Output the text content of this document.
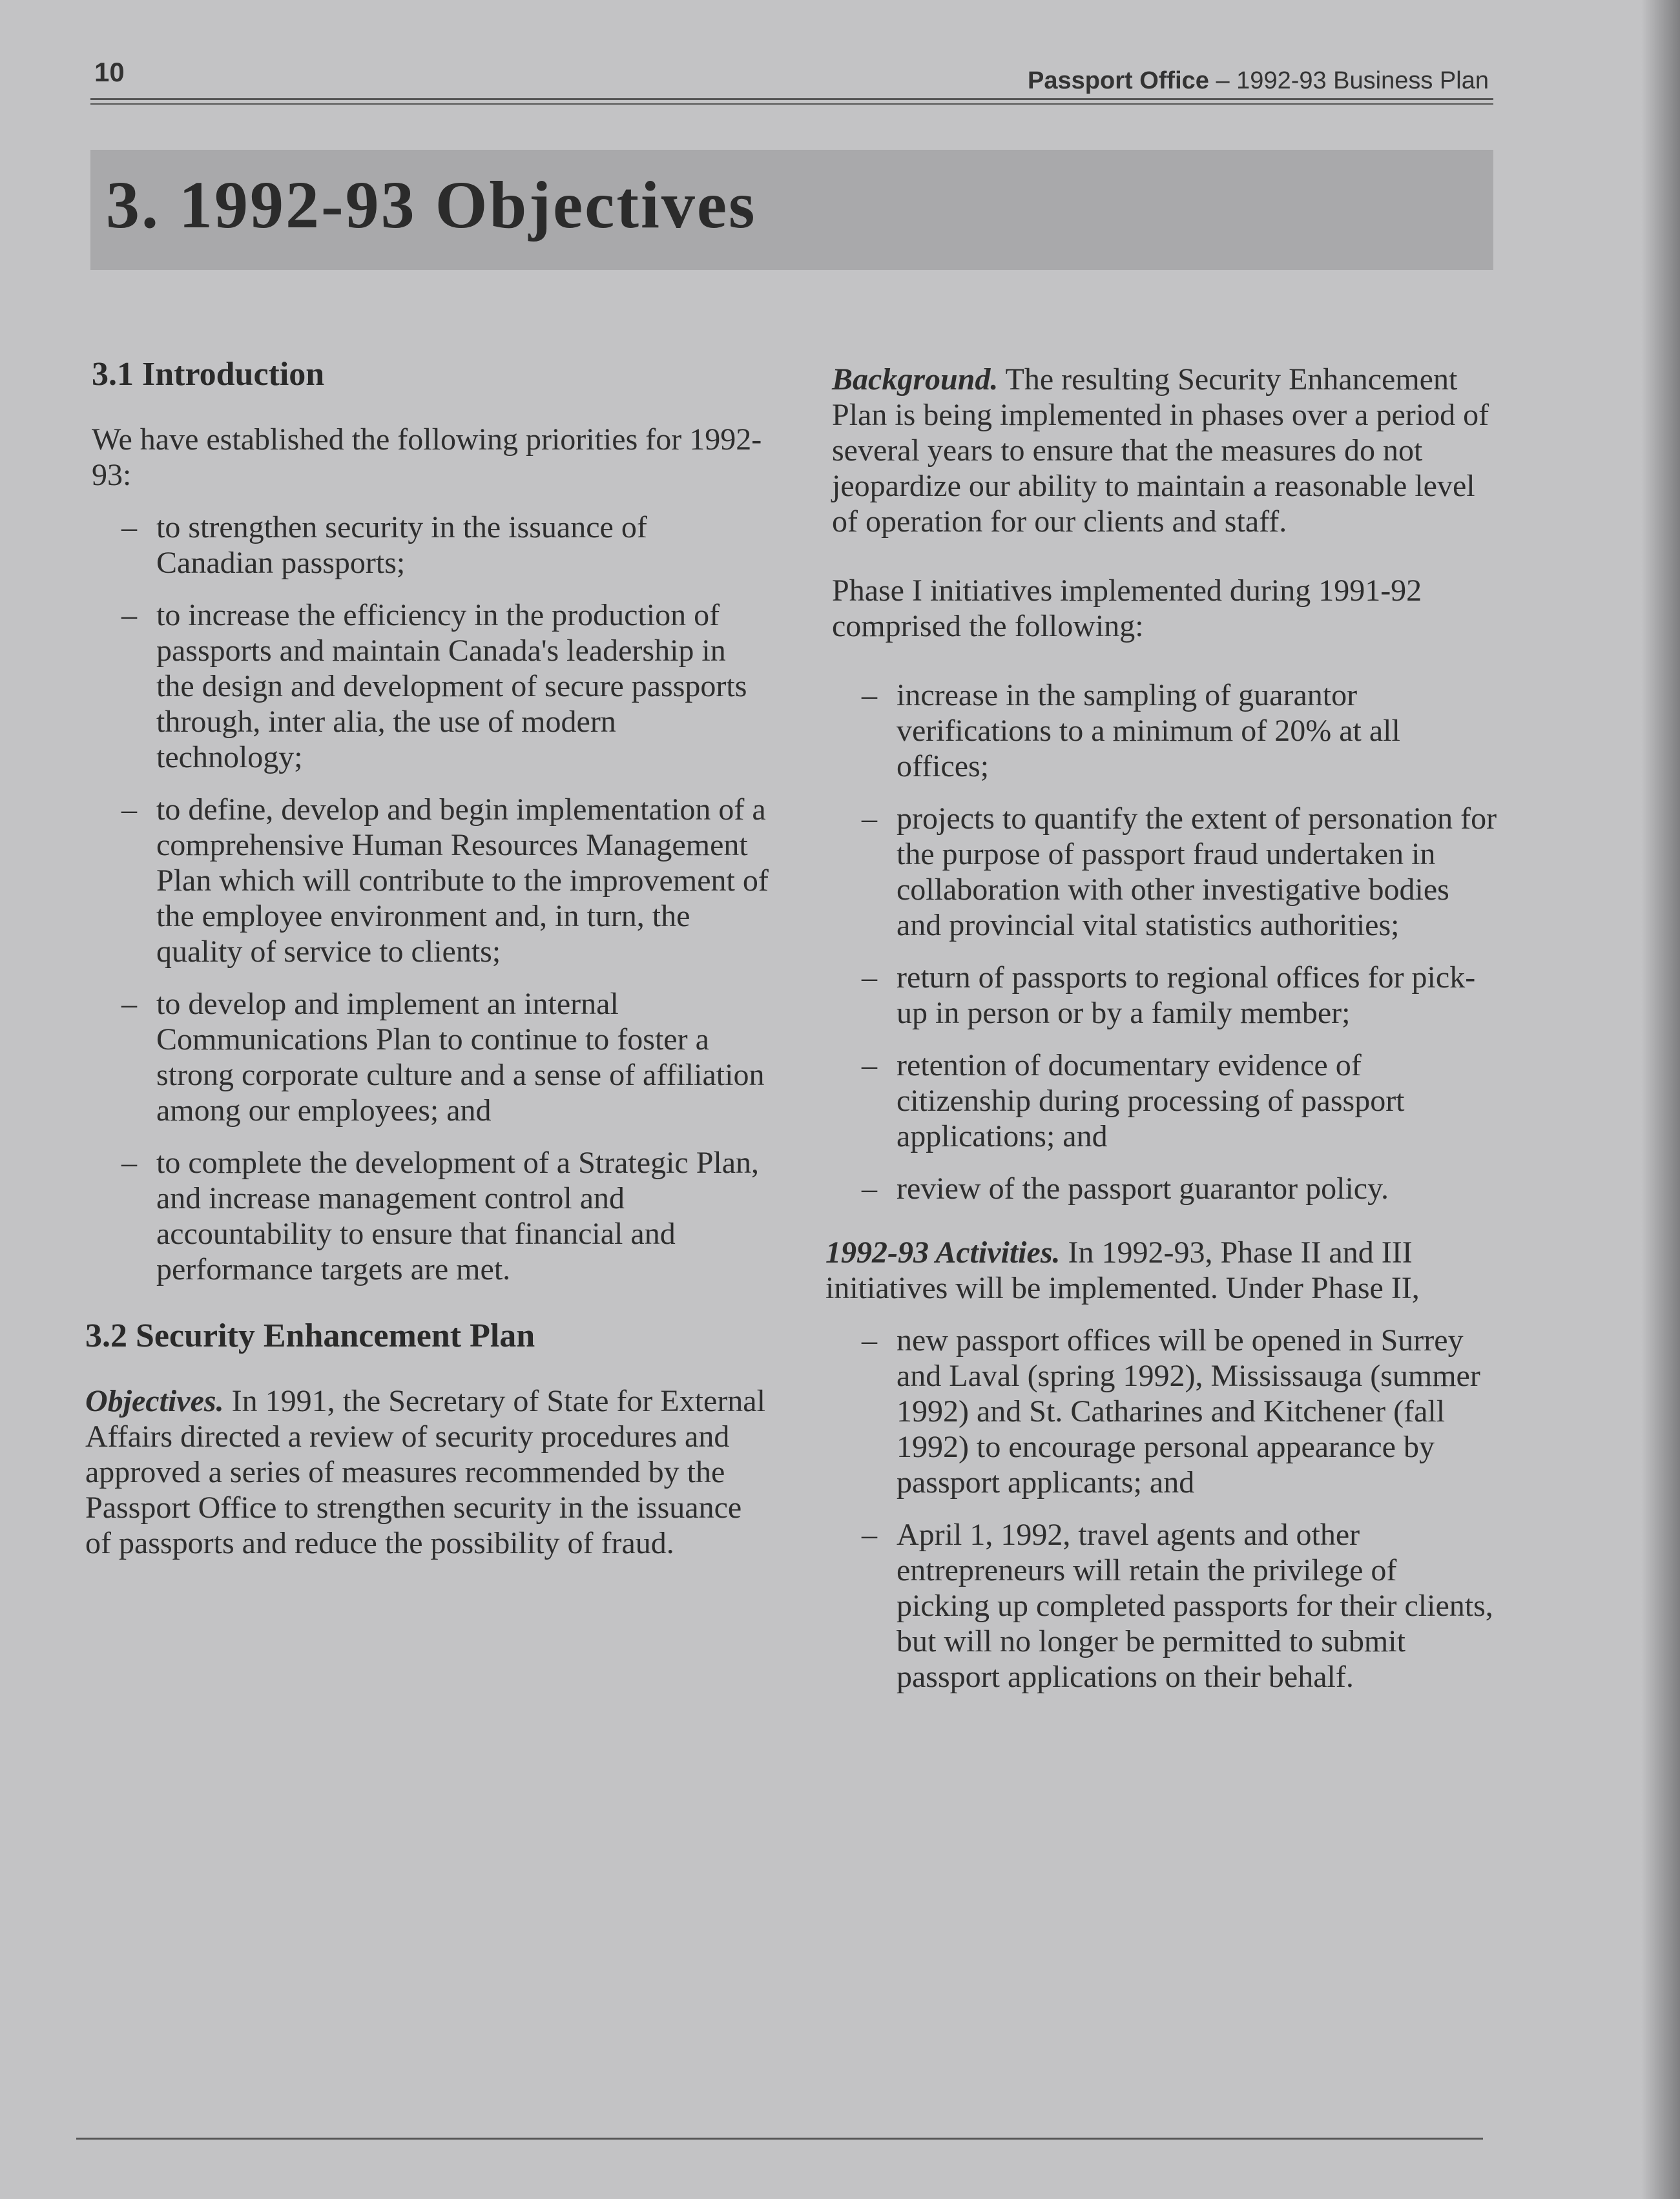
10	Passport Office – 1992-93 Business Plan
3. 1992-93 Objectives
3.1 Introduction

We have established the following priorities for 1992-93:

– to strengthen security in the issuance of Canadian passports;
– to increase the efficiency in the production of passports and maintain Canada's leadership in the design and development of secure passports through, inter alia, the use of modern technology;
– to define, develop and begin implementation of a comprehensive Human Resources Management Plan which will contribute to the improvement of the employee environment and, in turn, the quality of service to clients;
– to develop and implement an internal Communications Plan to continue to foster a strong corporate culture and a sense of affiliation among our employees; and
– to complete the development of a Strategic Plan, and increase management control and accountability to ensure that financial and performance targets are met.
3.2 Security Enhancement Plan

Objectives. In 1991, the Secretary of State for External Affairs directed a review of security procedures and approved a series of measures recommended by the Passport Office to strengthen security in the issuance of passports and reduce the possibility of fraud.

Background. The resulting Security Enhancement Plan is being implemented in phases over a period of several years to ensure that the measures do not jeopardize our ability to maintain a reasonable level of operation for our clients and staff.

Phase I initiatives implemented during 1991-92 comprised the following:

– increase in the sampling of guarantor verifications to a minimum of 20% at all offices;
– projects to quantify the extent of personation for the purpose of passport fraud undertaken in collaboration with other investigative bodies and provincial vital statistics authorities;
– return of passports to regional offices for pick-up in person or by a family member;
– retention of documentary evidence of citizenship during processing of passport applications; and
– review of the passport guarantor policy.

1992-93 Activities. In 1992-93, Phase II and III initiatives will be implemented. Under Phase II,

– new passport offices will be opened in Surrey and Laval (spring 1992), Mississauga (summer 1992) and St. Catharines and Kitchener (fall 1992) to encourage personal appearance by passport applicants; and
– April 1, 1992, travel agents and other entrepreneurs will retain the privilege of picking up completed passports for their clients, but will no longer be permitted to submit passport applications on their behalf.
